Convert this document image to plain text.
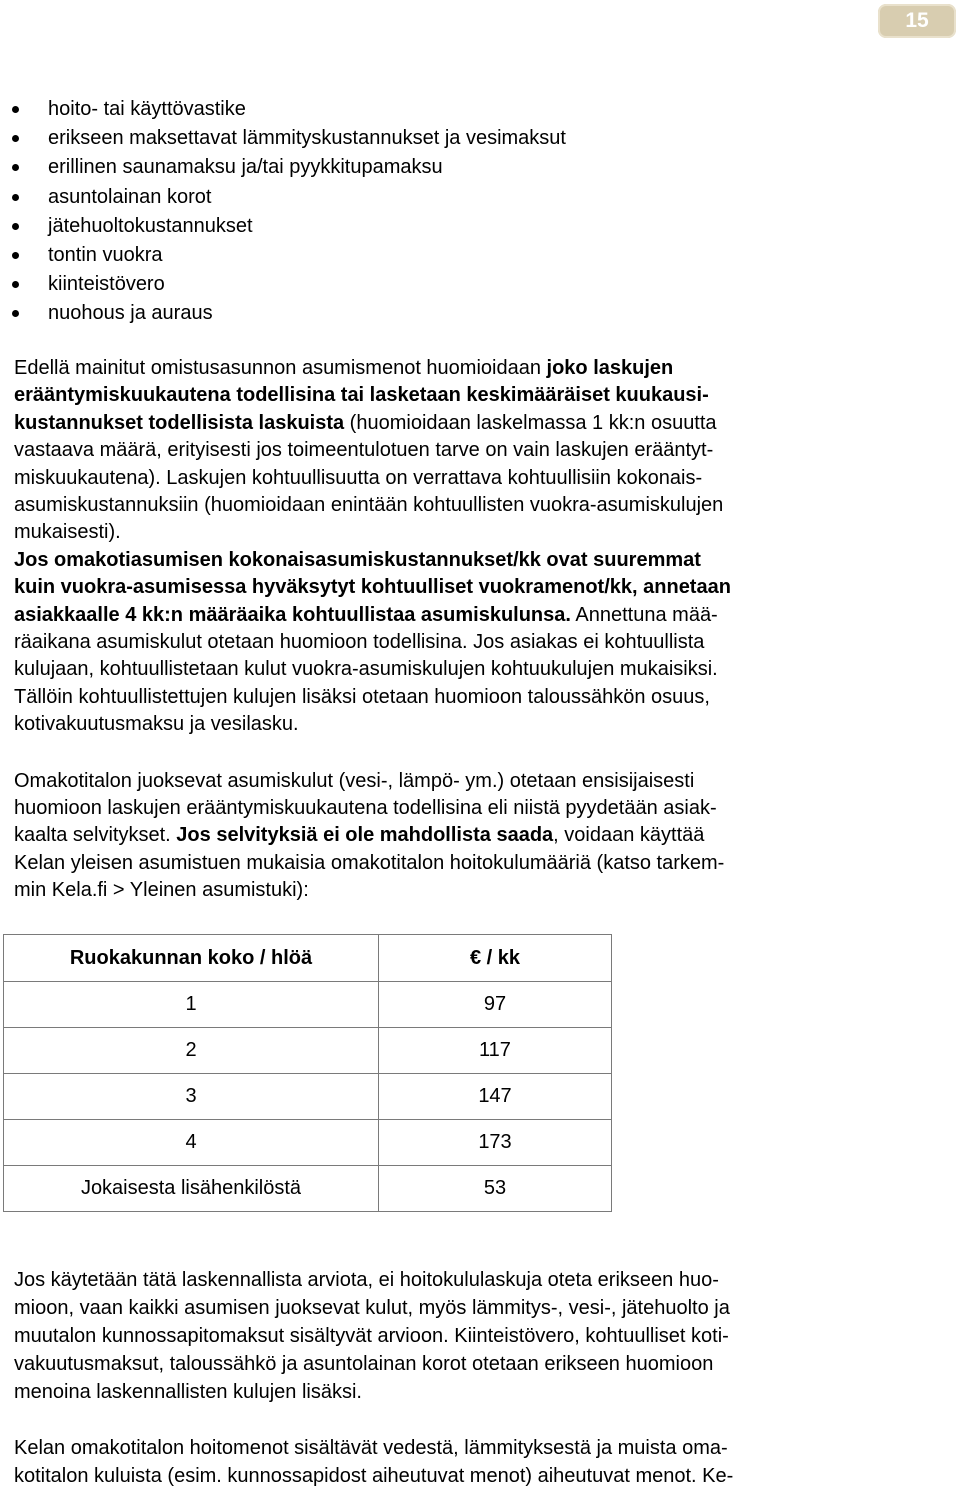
15
hoito- tai käyttövastike
erikseen maksettavat lämmityskustannukset ja vesimaksut
erillinen saunamaksu ja/tai pyykkitupamaksu
asuntolainan korot
jätehuoltokustannukset
tontin vuokra
kiinteistövero
nuohous ja auraus

Edellä mainitut omistusasunnon asumismenot huomioidaan joko laskujen
erääntymiskuukautena todellisina tai lasketaan keskimääräiset kuukausi-
kustannukset todellisista laskuista (huomioidaan laskelmassa 1 kk:n osuutta
vastaava määrä, erityisesti jos toimeentulotuen tarve on vain laskujen erääntyt-
miskuukautena). Laskujen kohtuullisuutta on verrattava kohtuullisiin kokonais-
asumiskustannuksiin (huomioidaan enintään kohtuullisten vuokra-asumiskulujen
mukaisesti).
Jos omakotiasumisen kokonaisasumiskustannukset/kk ovat suuremmat
kuin vuokra-asumisessa hyväksytyt kohtuulliset vuokramenot/kk, annetaan
asiakkaalle 4 kk:n määräaika kohtuullistaa asumiskulunsa. Annettuna mää-
räaikana asumiskulut otetaan huomioon todellisina. Jos asiakas ei kohtuullista
kulujaan, kohtuullistetaan kulut vuokra-asumiskulujen kohtuukulujen mukaisiksi.
Tällöin kohtuullistettujen kulujen lisäksi otetaan huomioon taloussähkön osuus,
kotivakuutusmaksu ja vesilasku.

Omakotitalon juoksevat asumiskulut (vesi-, lämpö- ym.) otetaan ensisijaisesti
huomioon laskujen erääntymiskuukautena todellisina eli niistä pyydetään asiak-
kaalta selvitykset. Jos selvityksiä ei ole mahdollista saada, voidaan käyttää
Kelan yleisen asumistuen mukaisia omakotitalon hoitokulumääriä (katso tarkem-
min Kela.fi > Yleinen asumistuki):

Ruokakunnan koko / hlöä	€ / kk
1	97
2	117
3	147
4	173
Jokaisesta lisähenkilöstä	53

Jos käytetään tätä laskennallista arviota, ei hoitokululaskuja oteta erikseen huo-
mioon, vaan kaikki asumisen juoksevat kulut, myös lämmitys-, vesi-, jätehuolto ja
muutalon kunnossapitomaksut sisältyvät arvioon. Kiinteistövero, kohtuulliset koti-
vakuutusmaksut, taloussähkö ja asuntolainan korot otetaan erikseen huomioon
menoina laskennallisten kulujen lisäksi.

Kelan omakotitalon hoitomenot sisältävät vedestä, lämmityksestä ja muista oma-
kotitalon kuluista (esim. kunnossapidost aiheutuvat menot) aiheutuvat menot. Ke-
